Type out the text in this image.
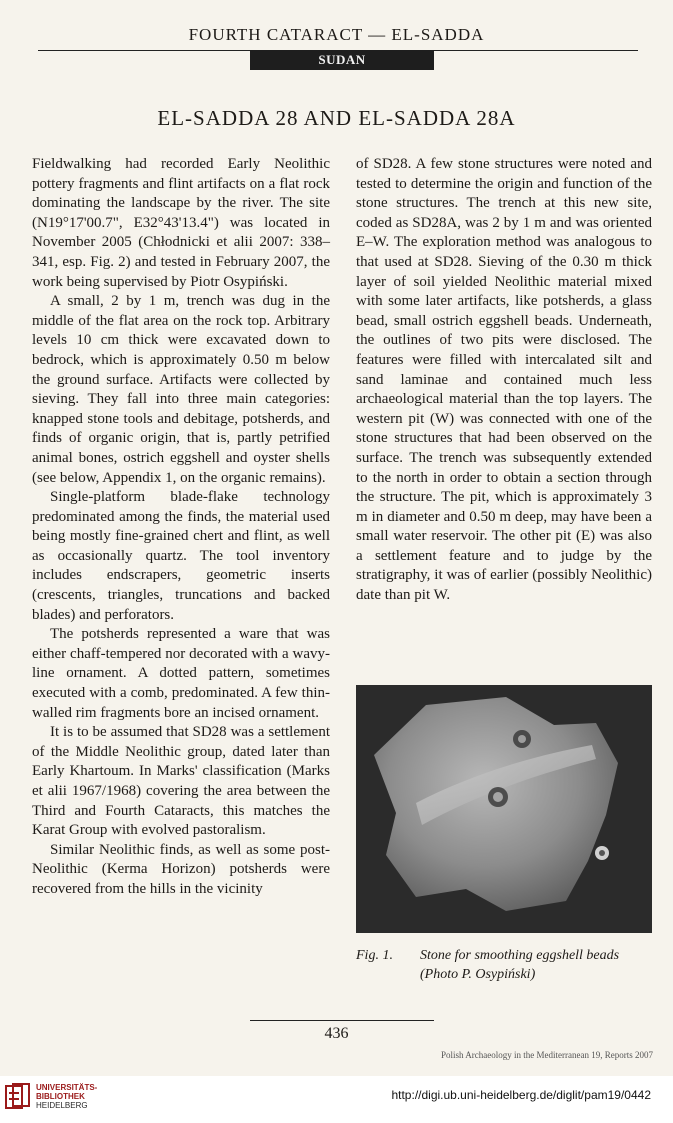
FOURTH CATARACT — EL-SADDA
SUDAN
EL-SADDA 28 AND EL-SADDA 28A

Fieldwalking had recorded Early Neolithic pottery fragments and flint artifacts on a flat rock dominating the landscape by the river. The site (N19°17'00.7", E32°43'13.4") was located in November 2005 (Chłodnicki et alii 2007: 338–341, esp. Fig. 2) and tested in February 2007, the work being supervised by Piotr Osypiński.

A small, 2 by 1 m, trench was dug in the middle of the flat area on the rock top. Arbitrary levels 10 cm thick were excavated down to bedrock, which is approximately 0.50 m below the ground surface. Artifacts were collected by sieving. They fall into three main categories: knapped stone tools and debitage, potsherds, and finds of organic origin, that is, partly petrified animal bones, ostrich eggshell and oyster shells (see below, Appendix 1, on the organic remains).

Single-platform blade-flake technology predominated among the finds, the material used being mostly fine-grained chert and flint, as well as occasionally quartz. The tool inventory includes endscrapers, geometric inserts (crescents, triangles, truncations and backed blades) and perforators.

The potsherds represented a ware that was either chaff-tempered nor decorated with a wavy-line ornament. A dotted pattern, sometimes executed with a comb, predominated. A few thin-walled rim fragments bore an incised ornament.

It is to be assumed that SD28 was a settlement of the Middle Neolithic group, dated later than Early Khartoum. In Marks' classification (Marks et alii 1967/1968) covering the area between the Third and Fourth Cataracts, this matches the Karat Group with evolved pastoralism.

Similar Neolithic finds, as well as some post-Neolithic (Kerma Horizon) potsherds were recovered from the hills in the vicinity

of SD28. A few stone structures were noted and tested to determine the origin and function of the stone structures. The trench at this new site, coded as SD28A, was 2 by 1 m and was oriented E–W. The exploration method was analogous to that used at SD28. Sieving of the 0.30 m thick layer of soil yielded Neolithic material mixed with some later artifacts, like potsherds, a glass bead, small ostrich eggshell beads. Underneath, the outlines of two pits were disclosed. The features were filled with intercalated silt and sand laminae and contained much less archaeological material than the top layers. The western pit (W) was connected with one of the stone structures that had been observed on the surface. The trench was subsequently extended to the north in order to obtain a section through the structure. The pit, which is approximately 3 m in diameter and 0.50 m deep, may have been a small water reservoir. The other pit (E) was also a settlement feature and to judge by the stratigraphy, it was of earlier (possibly Neolithic) date than pit W.

Fig. 1. Stone for smoothing eggshell beads
(Photo P. Osypiński)
436
Polish Archaeology in the Mediterranean 19, Reports 2007
UNIVERSITÄTS-
BIBLIOTHEK
HEIDELBERG
http://digi.ub.uni-heidelberg.de/diglit/pam19/0442
